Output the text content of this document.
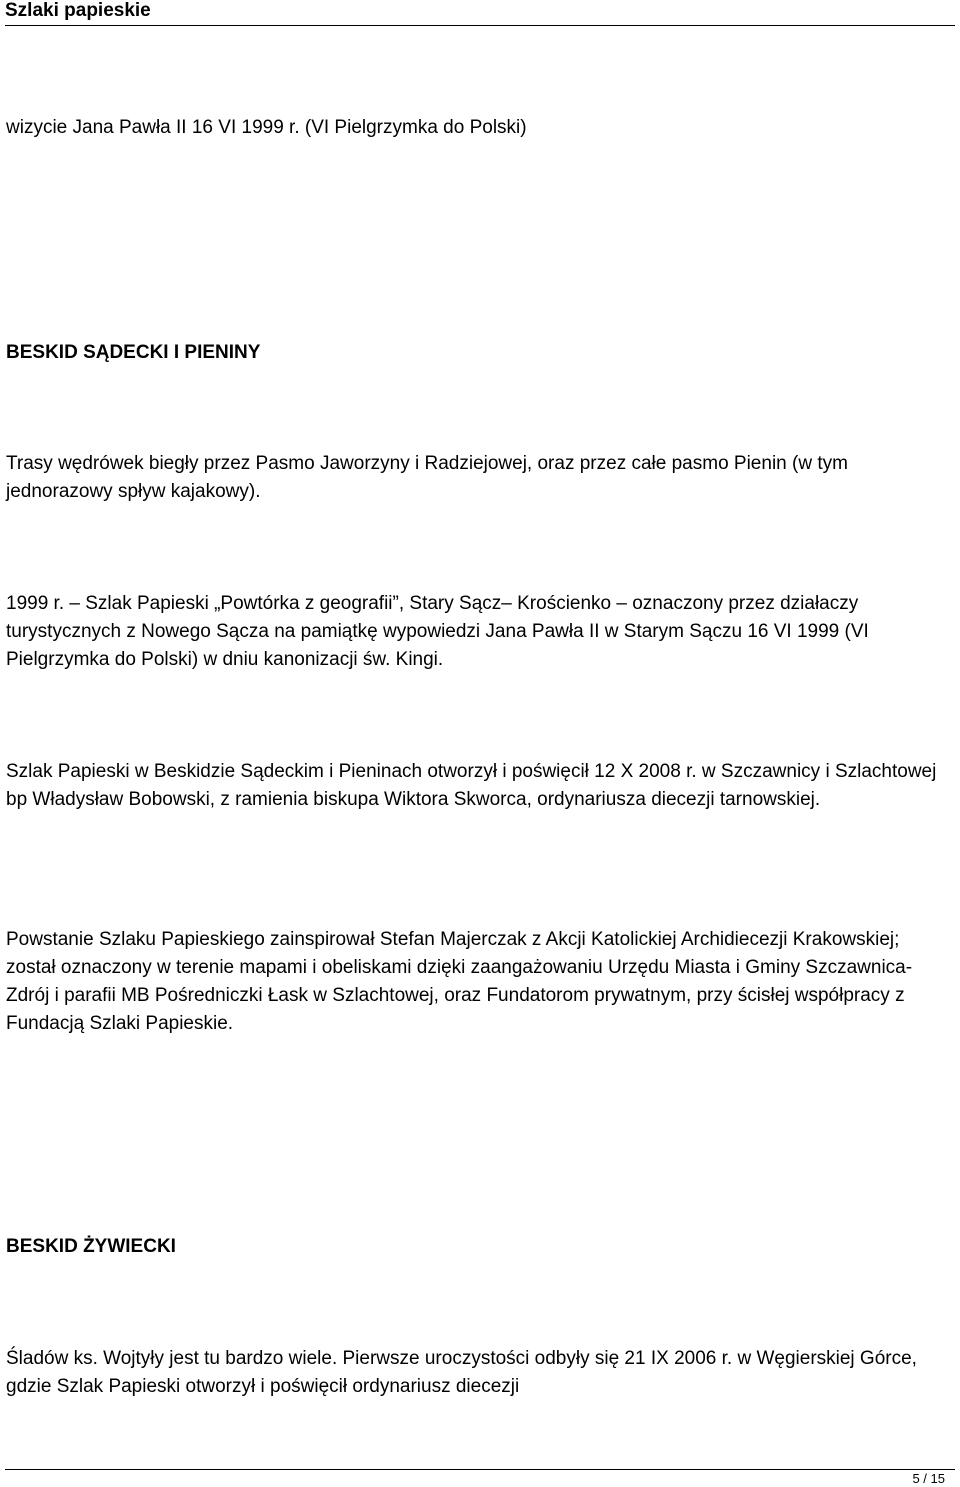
Szlaki papieskie

wizycie Jana Pawła II 16 VI 1999 r. (VI Pielgrzymka do Polski)

BESKID SĄDECKI I PIENINY

Trasy wędrówek biegły przez Pasmo Jaworzyny i Radziejowej, oraz przez całe pasmo Pienin (w tym jednorazowy spływ kajakowy).

1999 r. – Szlak Papieski „Powtórka z geografii”, Stary Sącz– Krościenko – oznaczony przez działaczy turystycznych z Nowego Sącza na pamiątkę wypowiedzi Jana Pawła II w Starym Sączu 16 VI 1999 (VI Pielgrzymka do Polski) w dniu kanonizacji św. Kingi.

Szlak Papieski w Beskidzie Sądeckim i Pieninach otworzył i poświęcił 12 X 2008 r. w Szczawnicy i Szlachtowej bp Władysław Bobowski, z ramienia biskupa Wiktora Skworca, ordynariusza diecezji tarnowskiej.

Powstanie Szlaku Papieskiego zainspirował Stefan Majerczak z Akcji Katolickiej Archidiecezji Krakowskiej; został oznaczony w terenie mapami i obeliskami dzięki zaangażowaniu Urzędu Miasta i Gminy Szczawnica-Zdrój i parafii MB Pośredniczki Łask w Szlachtowej, oraz Fundatorom prywatnym, przy ścisłej współpracy z Fundacją Szlaki Papieskie.

BESKID ŻYWIECKI

Śladów ks. Wojtyły jest tu bardzo wiele. Pierwsze uroczystości odbyły się 21 IX 2006 r. w Węgierskiej Górce, gdzie Szlak Papieski otworzył i poświęcił ordynariusz diecezji

5 / 15
